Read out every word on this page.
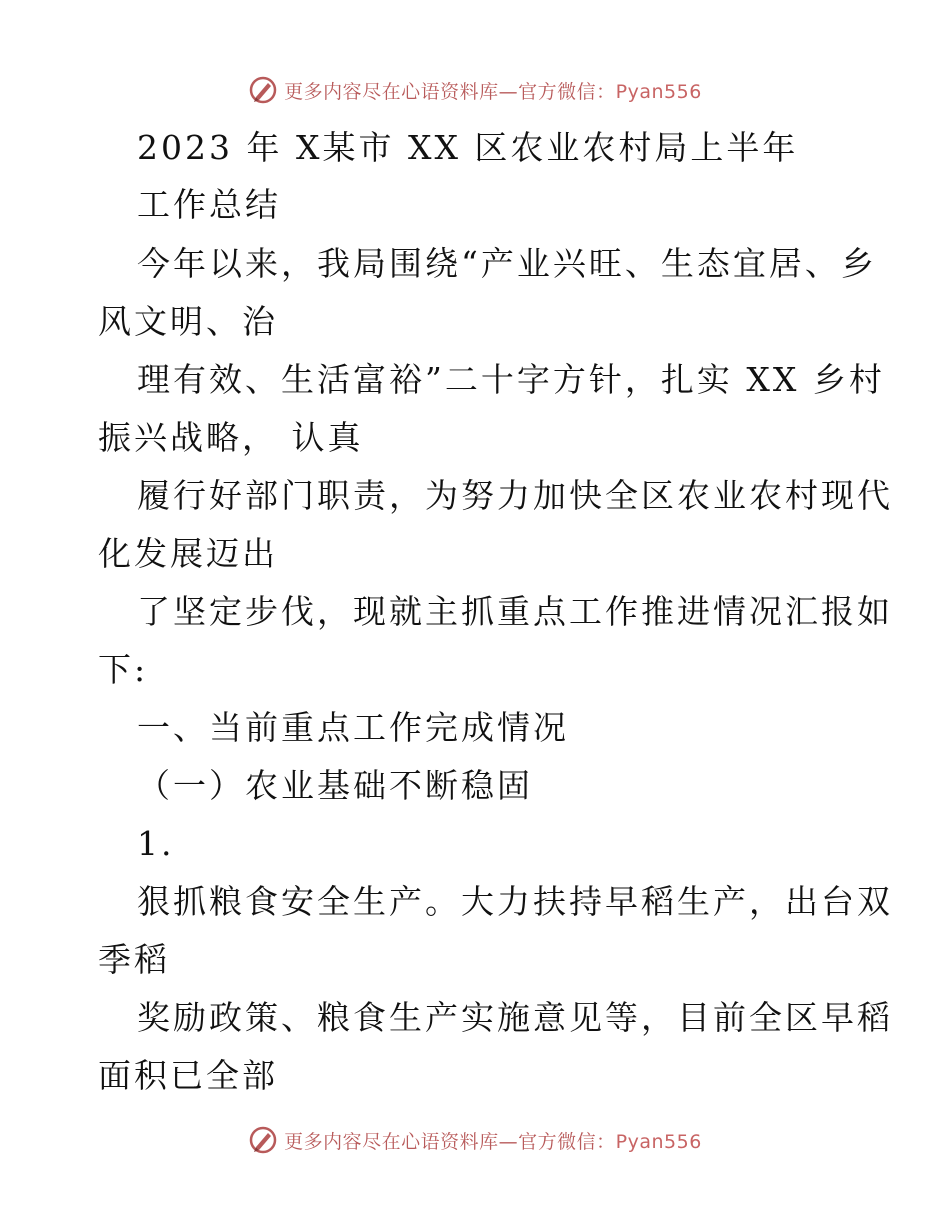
更多内容尽在心语资料库—官方微信：Pyan556
2023 年 X某市 XX 区农业农村局上半年
工作总结
今年以来，我局围绕“产业兴旺、生态宜居、乡
风文明、治
理有效、生活富裕”二十字方针，扎实 XX 乡村
振兴战略， 认真
履行好部门职责，为努力加快全区农业农村现代
化发展迈出
了坚定步伐，现就主抓重点工作推进情况汇报如
下:
一、当前重点工作完成情况
（一）农业基础不断稳固
1.
狠抓粮食安全生产。大力扶持早稻生产，出台双
季稻
奖励政策、粮食生产实施意见等，目前全区早稻
面积已全部
更多内容尽在心语资料库—官方微信：Pyan556
